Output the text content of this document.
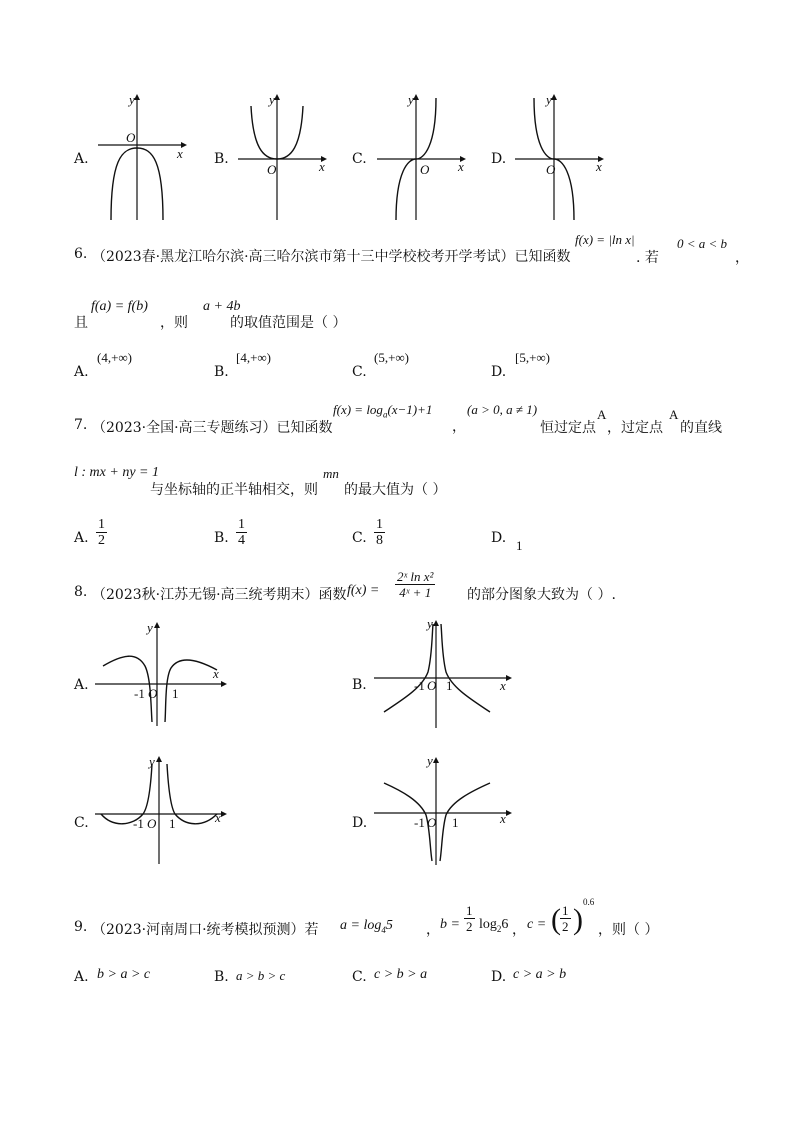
A.
y
x
O
B.
y
x
O
C.
y
x
O
D.
y
x
O
6. （2023春·黑龙江哈尔滨·高三哈尔滨市第十三中学校校考开学考试）已知函数
f(x) = |ln x|
. 若
0 < a < b
，
且
f(a) = f(b)
，则
a + 4b
的取值范围是（ ）
A.
(4,+∞)
B.
[4,+∞)
C.
(5,+∞)
D.
[5,+∞)
7. （2023·全国·高三专题练习）已知函数
$f(x) = \log_a(x-1)+1$
，
(a > 0, a ≠ 1)
恒过定点
A
，过定点
A
的直线
l : mx + ny = 1
与坐标轴的正半轴相交，则
mn
的最大值为（ ）
A. $\frac{1}{2}$	B. $\frac{1}{4}$	C. $\frac{1}{8}$	D. 1
8. （2023秋·江苏无锡·高三统考期末）函数 $f(x) = \frac{\text{2ˣ ln x²}}{\text{4ˣ + 1}}$ 的部分图象大致为（ ）.
A.
y
x
-1 O 1
B.
y
x
-1 O 1
C.
y
x
-1 O 1	D.
y
x
-1 O 1
9. （2023·河南周口·统考模拟预测）若 $a = \log_45$ ， $b = \frac{1}{2} \log_26$ ， c = ( $\frac{1}{2}$ )
0.6
，则（ ）
A. b > a > c	B. a > b > c	C. c > b > a	D. c > a > b
